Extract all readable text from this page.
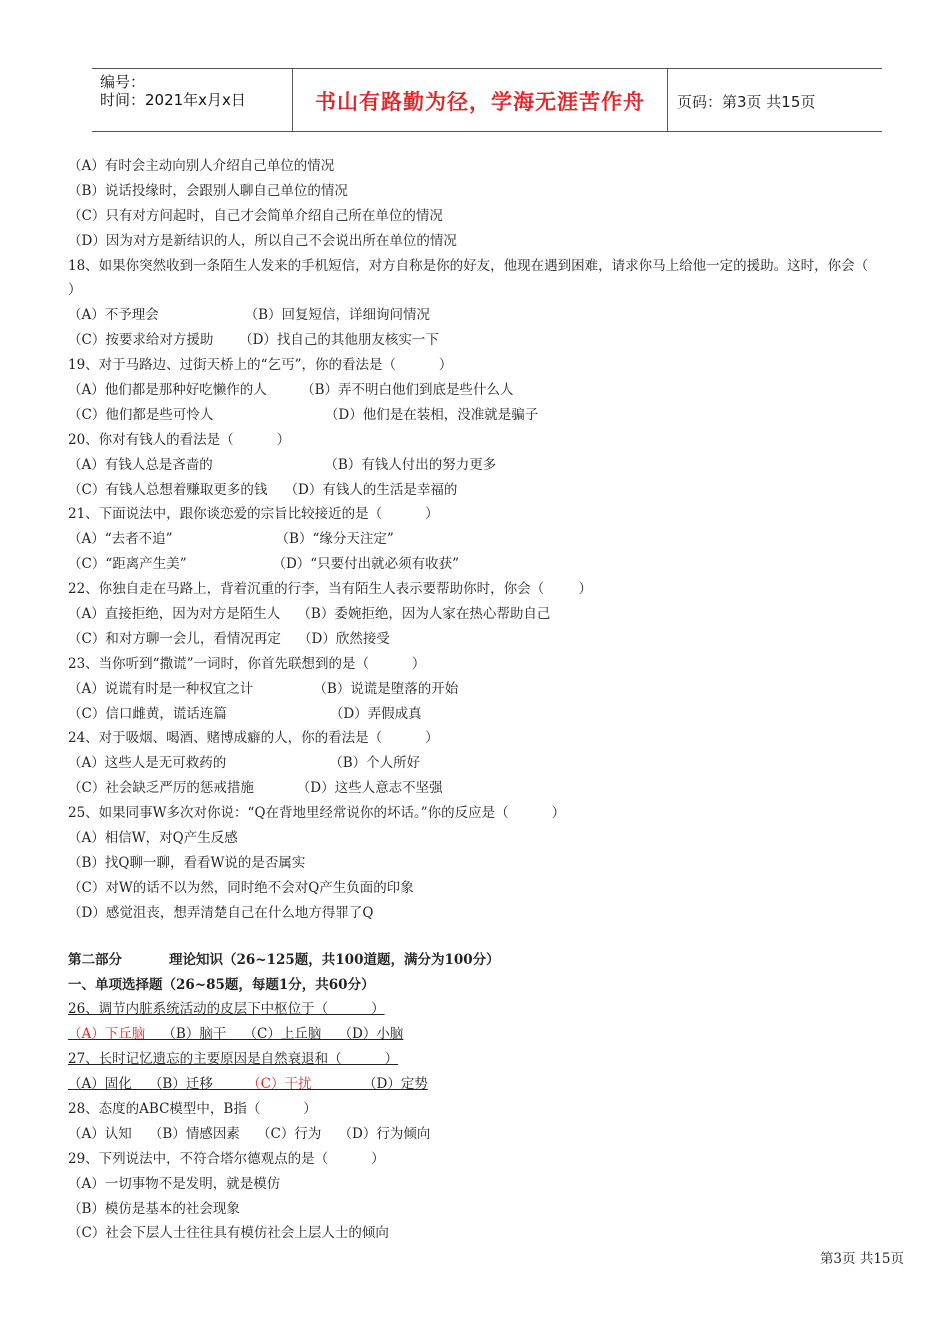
编号：
时间：2021年x月x日	书山有路勤为径，学海无涯苦作舟	页码：第3页 共15页
（A）有时会主动向别人介绍自己单位的情况
（B）说话投缘时，会跟别人聊自己单位的情况
（C）只有对方问起时，自己才会简单介绍自己所在单位的情况
（D）因为对方是新结识的人，所以自己不会说出所在单位的情况
18、如果你突然收到一条陌生人发来的手机短信，对方自称是你的好友，他现在遇到困难，请求你马上给他一定的援助。这时，你会（
）
（A）不予理会                    （B）回复短信，详细询问情况
（C）按要求给对方援助      （D）找自己的其他朋友核实一下
19、对于马路边、过街天桥上的“乞丐”，你的看法是（          ）
（A）他们都是那种好吃懒作的人        （B）弄不明白他们到底是些什么人
（C）他们都是些可怜人                          （D）他们是在装相，没准就是骗子
20、你对有钱人的看法是（          ）
（A）有钱人总是吝啬的                          （B）有钱人付出的努力更多
（C）有钱人总想着赚取更多的钱    （D）有钱人的生活是幸福的
21、下面说法中，跟你谈恋爱的宗旨比较接近的是（          ）
（A）“去者不追”                        （B）“缘分天注定”
（C）“距离产生美”                    （D）“只要付出就必须有收获”
22、你独自走在马路上，背着沉重的行李，当有陌生人表示要帮助你时，你会（        ）
（A）直接拒绝，因为对方是陌生人    （B）委婉拒绝，因为人家在热心帮助自己
（C）和对方聊一会儿，看情况再定    （D）欣然接受
23、当你听到“撒谎”一词时，你首先联想到的是（          ）
（A）说谎有时是一种权宜之计              （B）说谎是堕落的开始
（C）信口雌黄，谎话连篇                        （D）弄假成真
24、对于吸烟、喝酒、赌博成癖的人，你的看法是（          ）
（A）这些人是无可救药的                        （B）个人所好
（C）社会缺乏严厉的惩戒措施          （D）这些人意志不坚强
25、如果同事W多次对你说：“Q在背地里经常说你的坏话。”你的反应是（          ）
（A）相信W，对Q产生反感
（B）找Q聊一聊，看看W说的是否属实
（C）对W的话不以为然，同时绝不会对Q产生负面的印象
（D）感觉沮丧，想弄清楚自己在什么地方得罪了Q
第二部分          理论知识（26~125题，共100道题，满分为100分）
一、单项选择题（26~85题，每题1分，共60分）
26、调节内脏系统活动的皮层下中枢位于（          ）
（A）下丘脑    （B）脑干    （C）上丘脑    （D）小脑
27、长时记忆遗忘的主要原因是自然衰退和（          ）
（A）固化    （B）迁移        （C）干扰            （D）定势
28、态度的ABC模型中，B指（          ）
（A）认知    （B）情感因素    （C）行为    （D）行为倾向
29、下列说法中，不符合塔尔德观点的是（          ）
（A）一切事物不是发明，就是模仿
（B）模仿是基本的社会现象
（C）社会下层人士往往具有模仿社会上层人士的倾向
第3页 共15页
